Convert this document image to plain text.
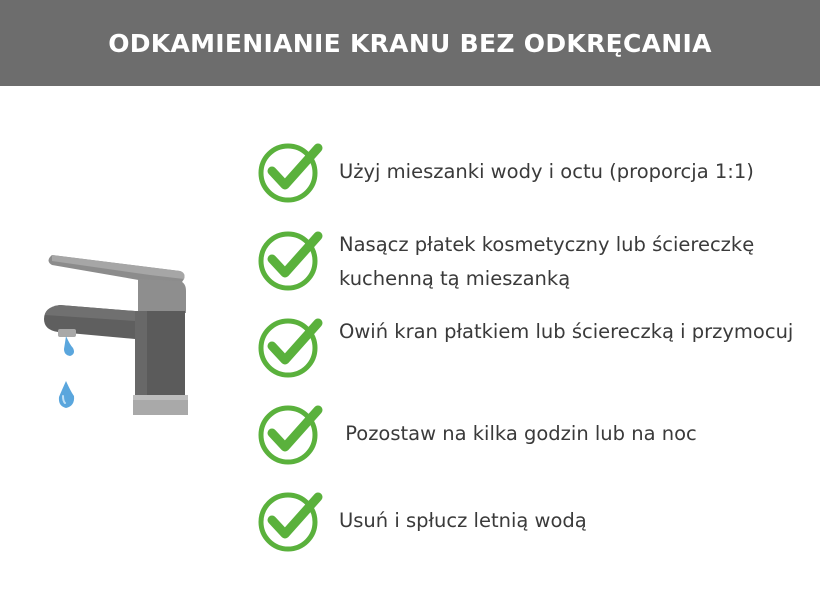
ODKAMIENIANIE KRANU BEZ ODKRĘCANIA
Użyj mieszanki wody i octu (proporcja 1:1)
Nasącz płatek kosmetyczny lub ściereczkę kuchenną tą mieszanką
Owiń kran płatkiem lub ściereczką i przymocuj
Pozostaw na kilka godzin lub na noc
Usuń i spłucz letnią wodą
